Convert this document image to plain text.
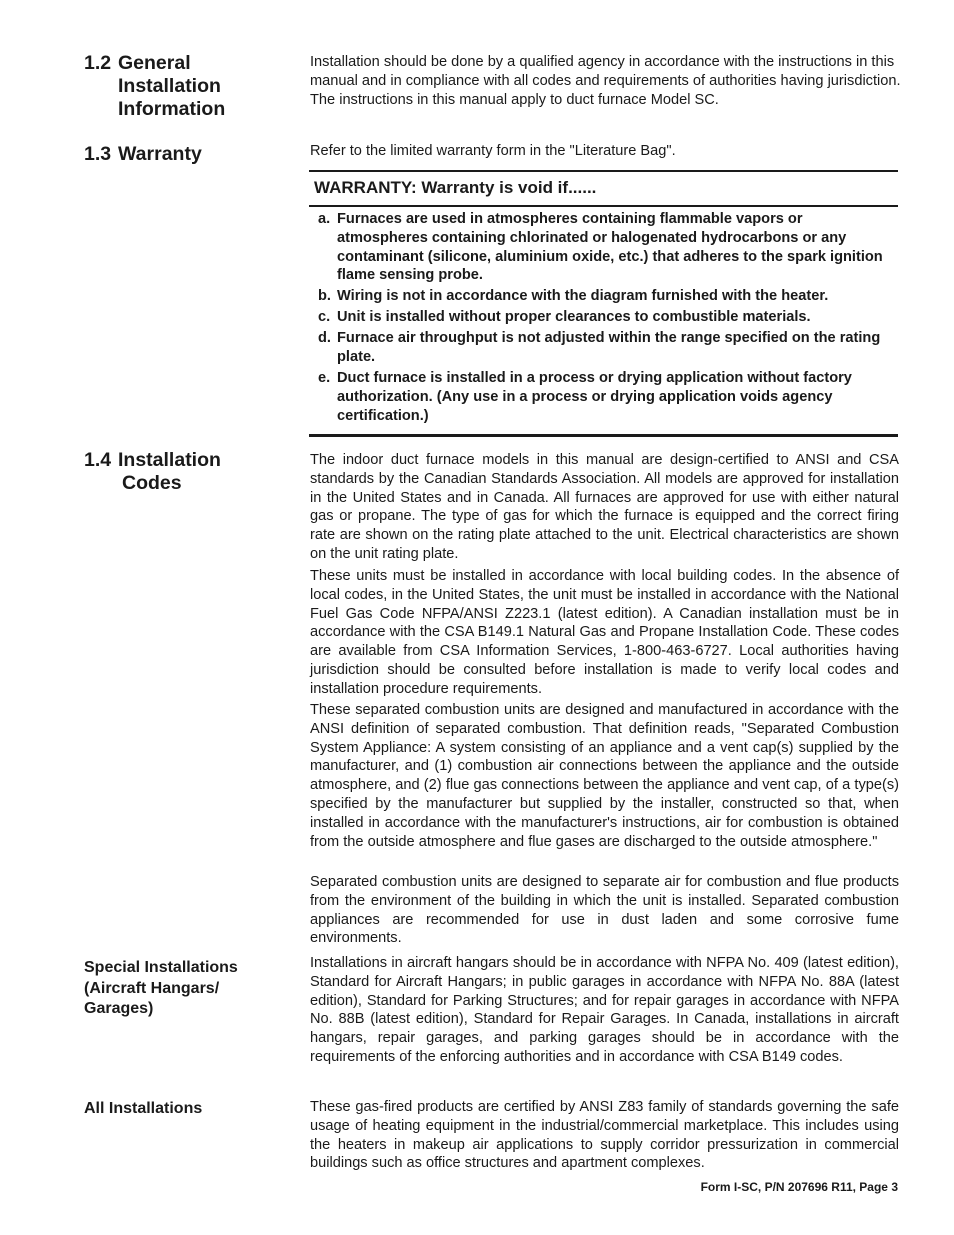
1.2 General
Installation
Information

Installation should be done by a qualified agency in accordance with the instructions in this manual and in compliance with all codes and requirements of authorities having jurisdiction. The instructions in this manual apply to duct furnace Model SC.

1.3 Warranty	Refer to the limited warranty form in the "Literature Bag".

WARRANTY: Warranty is void if......

a. Furnaces are used in atmospheres containing flammable vapors or atmospheres containing chlorinated or halogenated hydrocarbons or any contaminant (silicone, aluminium oxide, etc.) that adheres to the spark ignition flame sensing probe.
b. Wiring is not in accordance with the diagram furnished with the heater.
c. Unit is installed without proper clearances to combustible materials.
d. Furnace air throughput is not adjusted within the range specified on the rating plate.
e. Duct furnace is installed in a process or drying application without factory authorization. (Any use in a process or drying application voids agency certification.)
1.4 Installation
Codes

The indoor duct furnace models in this manual are design-certified to ANSI and CSA standards by the Canadian Standards Association. All models are approved for installation in the United States and in Canada. All furnaces are approved for use with either natural gas or propane. The type of gas for which the furnace is equipped and the correct firing rate are shown on the rating plate attached to the unit. Electrical characteristics are shown on the unit rating plate.

These units must be installed in accordance with local building codes. In the absence of local codes, in the United States, the unit must be installed in accordance with the National Fuel Gas Code NFPA/ANSI Z223.1 (latest edition). A Canadian installation must be in accordance with the CSA B149.1 Natural Gas and Propane Installation Code. These codes are available from CSA Information Services, 1-800-463-6727. Local authorities having jurisdiction should be consulted before installation is made to verify local codes and installation procedure requirements.

These separated combustion units are designed and manufactured in accordance with the ANSI definition of separated combustion. That definition reads, "Separated Combustion System Appliance: A system consisting of an appliance and a vent cap(s) supplied by the manufacturer, and (1) combustion air connections between the appliance and the outside atmosphere, and (2) flue gas connections between the appliance and vent cap, of a type(s) specified by the manufacturer but supplied by the installer, constructed so that, when installed in accordance with the manufacturer's instructions, air for combustion is obtained from the outside atmosphere and flue gases are discharged to the outside atmosphere."

Separated combustion units are designed to separate air for combustion and flue products from the environment of the building in which the unit is installed. Separated combustion appliances are recommended for use in dust laden and some corrosive fume environments.

Special Installations
(Aircraft Hangars/
Garages)

Installations in aircraft hangars should be in accordance with NFPA No. 409 (latest edition), Standard for Aircraft Hangars; in public garages in accordance with NFPA No. 88A (latest edition), Standard for Parking Structures; and for repair garages in accordance with NFPA No. 88B (latest edition), Standard for Repair Garages. In Canada, installations in aircraft hangars, repair garages, and parking garages should be in accordance with the requirements of the enforcing authorities and in accordance with CSA B149 codes.

All Installations	These gas-fired products are certified by ANSI Z83 family of standards governing the safe usage of heating equipment in the industrial/commercial marketplace. This includes using the heaters in makeup air applications to supply corridor pressurization in commercial buildings such as office structures and apartment complexes.

Form I-SC, P/N 207696 R11, Page 3
